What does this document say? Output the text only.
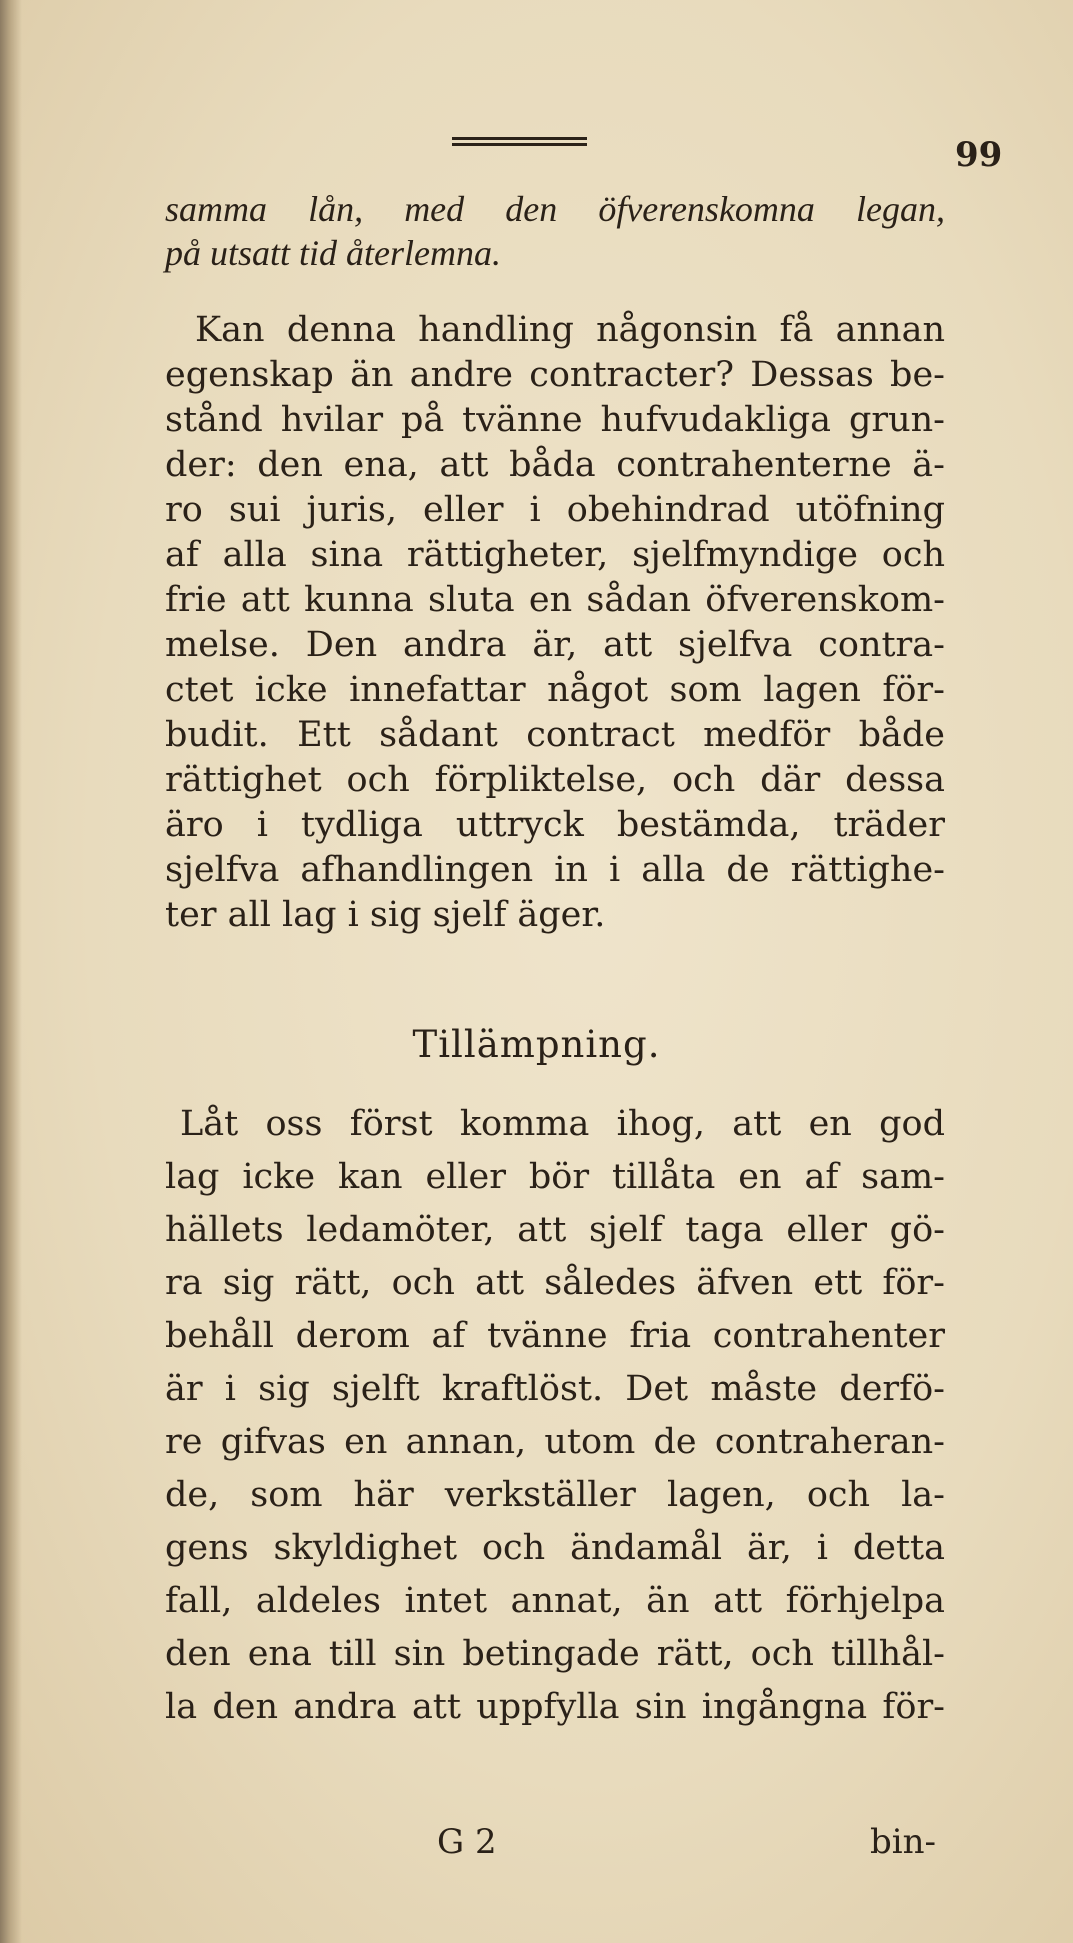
99
samma lån, med den öfverenskomna legan,
på utsatt tid återlemna.
Kan denna handling någonsin få annan
egenskap än andre contracter? Dessas be-
stånd hvilar på tvänne hufvudakliga grun-
der: den ena, att båda contrahenterne ä-
ro sui juris, eller i obehindrad utöfning
af alla sina rättigheter, sjelfmyndige och
frie att kunna sluta en sådan öfverenskom-
melse. Den andra är, att sjelfva contra-
ctet icke innefattar något som lagen för-
budit. Ett sådant contract medför både
rättighet och förpliktelse, och där dessa
äro i tydliga uttryck bestämda, träder
sjelfva afhandlingen in i alla de rättighe-
ter all lag i sig sjelf äger.
Tillämpning.
Låt oss först komma ihog, att en god
lag icke kan eller bör tillåta en af sam-
hällets ledamöter, att sjelf taga eller gö-
ra sig rätt, och att således äfven ett för-
behåll derom af tvänne fria contrahenter
är i sig sjelft kraftlöst. Det måste derfö-
re gifvas en annan, utom de contraheran-
de, som här verkställer lagen, och la-
gens skyldighet och ändamål är, i detta
fall, aldeles intet annat, än att förhjelpa
den ena till sin betingade rätt, och tillhål-
la den andra att uppfylla sin ingångna för-
G 2	bin-
